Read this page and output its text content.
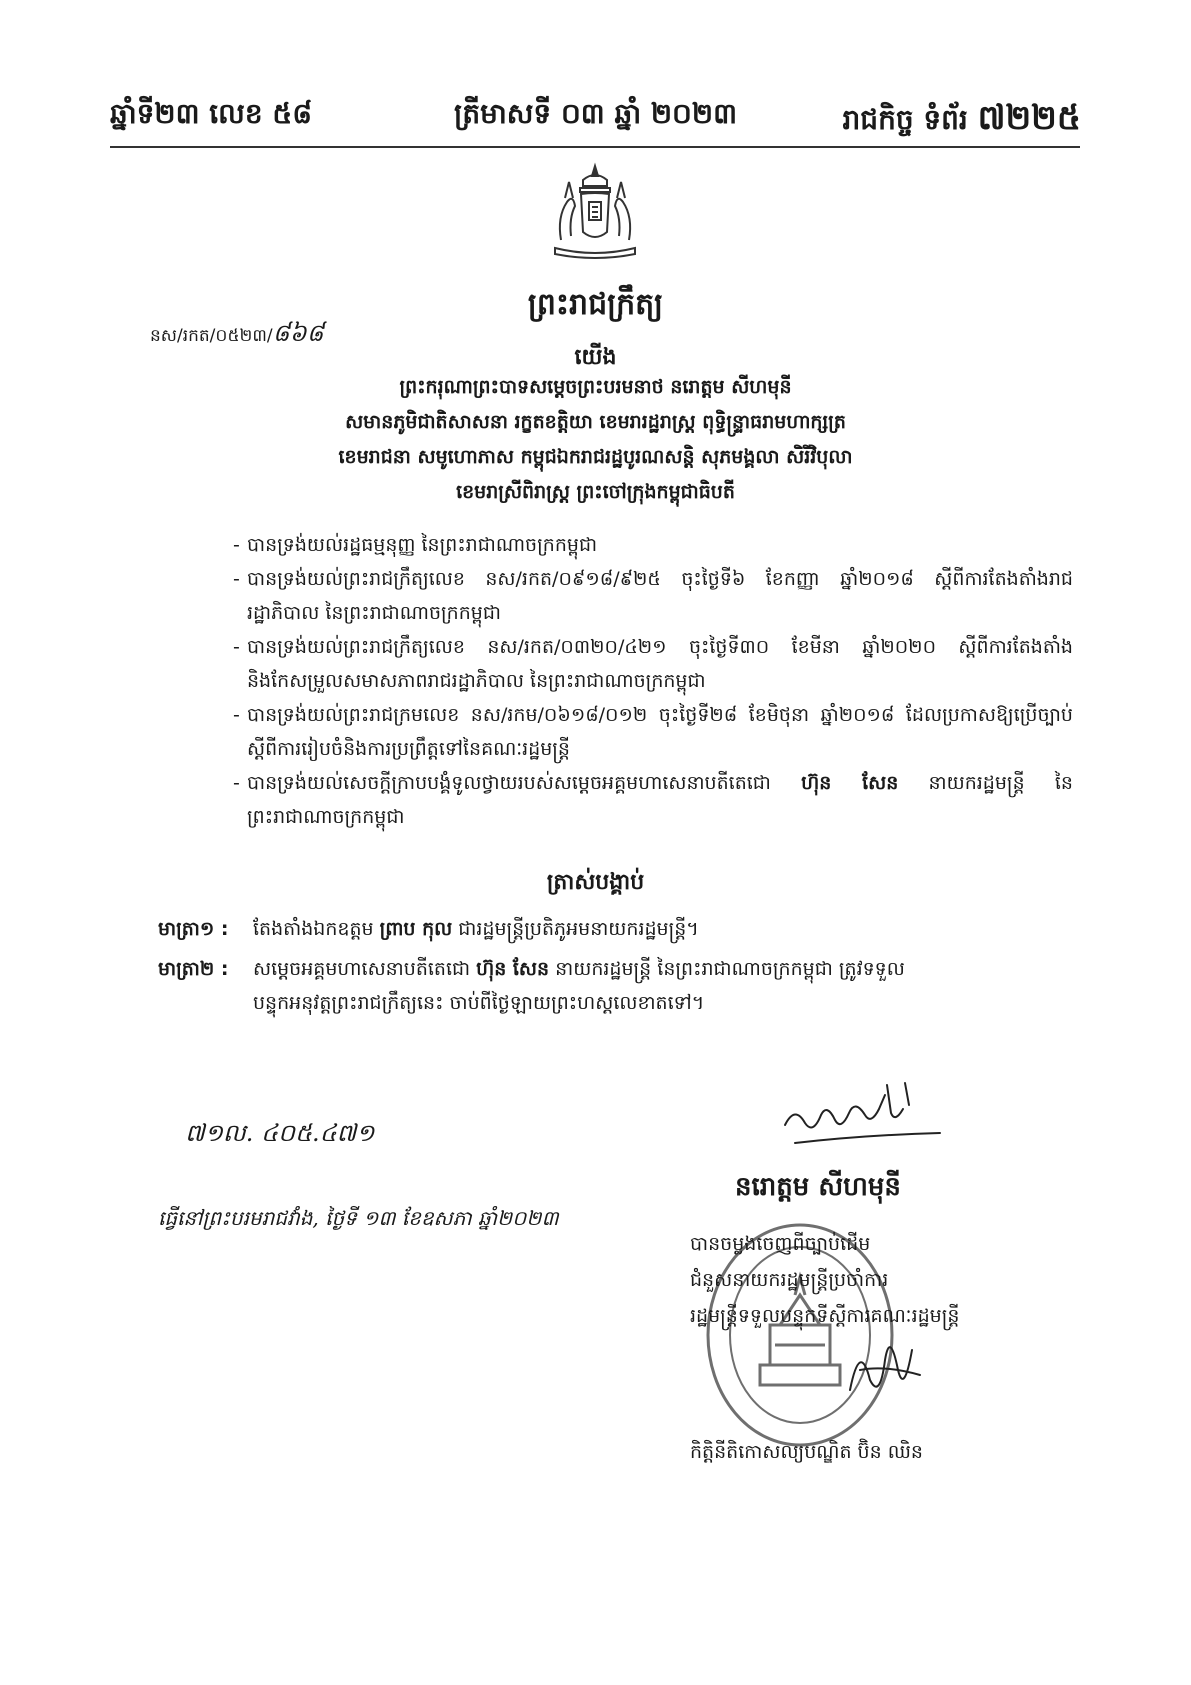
ឆ្នាំទី២៣ លេខ ៥៨	ត្រីមាសទី ០៣ ឆ្នាំ ២០២៣	រាជកិច្ច ទំព័រ ៧២២៥
ព្រះរាជក្រឹត្យ
នស/រកត/០៥២៣/៨៦៨
យើង
ព្រះករុណាព្រះបាទសម្តេចព្រះបរមនាថ នរោត្តម សីហមុនី
សមានភូមិជាតិសាសនា រក្ខតខត្តិយា ខេមរារដ្ឋរាស្ត្រ ពុទ្ធិន្ទ្រាធរាមហាក្សត្រ
ខេមរាជនា សមូហោភាស កម្ពុជឯករាជរដ្ឋបូរណសន្តិ សុភមង្គលា សិរីវិបុលា
ខេមរាស្រីពិរាស្ត្រ ព្រះចៅក្រុងកម្ពុជាធិបតី

- បានទ្រង់យល់រដ្ឋធម្មនុញ្ញ នៃព្រះរាជាណាចក្រកម្ពុជា

- បានទ្រង់យល់ព្រះរាជក្រឹត្យលេខ នស/រកត/០៩១៨/៩២៥ ចុះថ្ងៃទី៦ ខែកញ្ញា ឆ្នាំ២០១៨ ស្តីពីការតែងតាំងរាជរដ្ឋាភិបាល នៃព្រះរាជាណាចក្រកម្ពុជា

- បានទ្រង់យល់ព្រះរាជក្រឹត្យលេខ នស/រកត/០៣២០/៤២១ ចុះថ្ងៃទី៣០ ខែមីនា ឆ្នាំ២០២០ ស្តីពីការតែងតាំង និងកែសម្រួលសមាសភាពរាជរដ្ឋាភិបាល នៃព្រះរាជាណាចក្រកម្ពុជា

- បានទ្រង់យល់ព្រះរាជក្រមលេខ នស/រកម/០៦១៨/០១២ ចុះថ្ងៃទី២៨ ខែមិថុនា ឆ្នាំ២០១៨ ដែលប្រកាសឱ្យប្រើច្បាប់ស្តីពីការរៀបចំនិងការប្រព្រឹត្តទៅនៃគណៈរដ្ឋមន្ត្រី

- បានទ្រង់យល់សេចក្តីក្រាបបង្គំទូលថ្វាយរបស់សម្តេចអគ្គមហាសេនាបតីតេជោ ហ៊ុន សែន នាយករដ្ឋមន្ត្រី នៃព្រះរាជាណាចក្រកម្ពុជា

ត្រាស់បង្គាប់
មាត្រា១ : តែងតាំងឯកឧត្តម ព្រាប កុល ជារដ្ឋមន្ត្រីប្រតិភូអមនាយករដ្ឋមន្ត្រី។
មាត្រា២ : សម្តេចអគ្គមហាសេនាបតីតេជោ ហ៊ុន សែន នាយករដ្ឋមន្ត្រី នៃព្រះរាជាណាចក្រកម្ពុជា ត្រូវទទួល
បន្ទុកអនុវត្តព្រះរាជក្រឹត្យនេះ ចាប់ពីថ្ងៃឡាយព្រះហស្តលេខាតទៅ។
៧១ល. ៤០៥.៤៧១
ធ្វើនៅព្រះបរមរាជវាំង, ថ្ងៃទី ១៣ ខែឧសភា ឆ្នាំ២០២៣
នរោត្តម សីហមុនី
បានចម្លងចេញពីច្បាប់ដើម
ជំនួសនាយករដ្ឋមន្ត្រីប្រចាំការ
រដ្ឋមន្ត្រីទទួលបន្ទុកទីស្តីការគណៈរដ្ឋមន្ត្រី
កិត្តិនីតិកោសល្យបណ្ឌិត ប៊ិន ឈិន
